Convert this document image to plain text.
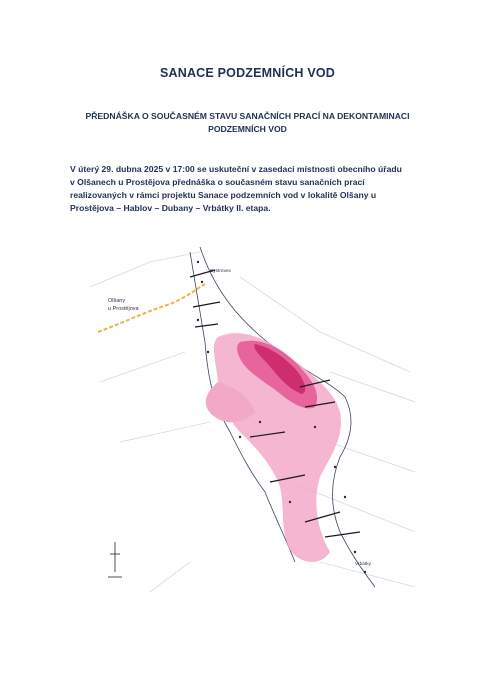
SANACE PODZEMNÍCH VOD
PŘEDNÁŠKA O SOUČASNÉM STAVU SANAČNÍCH PRACÍ NA DEKONTAMINACI
PODZEMNÍCH VOD
V úterý 29. dubna 2025 v 17:00 se uskuteční v zasedací místnosti obecního úřadu
v Olšanech u Prostějova přednáška o současném stavu sanačních prací
realizovaných v rámci projektu Sanace podzemních vod v lokalitě Olšany u
Prostějova – Hablov – Dubany – Vrbátky II. etapa.
Olšany
u Prostějova
Bystrovec
Vrbátky
